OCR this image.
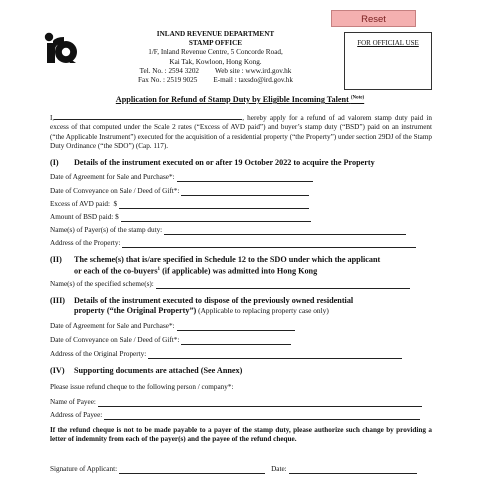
Reset
INLAND REVENUE DEPARTMENT
STAMP OFFICE
1/F, Inland Revenue Centre, 5 Concorde Road,
Kai Tak, Kowloon, Hong Kong.
Tel. No. : 2594 3202 Web site : www.ird.gov.hk
Fax No. : 2519 9025 E-mail : taxsdo@ird.gov.hk
FOR OFFICIAL USE
Application for Refund of Stamp Duty by Eligible Incoming Talent $^{(Note)}$
I,	, hereby apply for a refund of ad valorem stamp duty paid in excess of that computed under the Scale 2 rates (“Excess of AVD paid”) and buyer’s stamp duty (“BSD”) paid on an instrument (“the Applicable Instrument”) executed for the acquisition of a residential property (“the Property”) under section 29DJ of the Stamp Duty Ordinance (“the SDO”) (Cap. 117).
(I) Details of the instrument executed on or after 19 October 2022 to acquire the Property
Date of Agreement for Sale and Purchase*:
Date of Conveyance on Sale / Deed of Gift*:
Excess of AVD paid:  $
Amount of BSD paid: $
Name(s) of Payer(s) of the stamp duty:
Address of the Property:
(II) The scheme(s) that is/are specified in Schedule 12 to the SDO under which the applicant
or each of the co-buyers$^1$ (if applicable) was admitted into Hong Kong
Name(s) of the specified scheme(s):
(III) Details of the instrument executed to dispose of the previously owned residential
property (“the Original Property”) (Applicable to replacing property case only)
Date of Agreement for Sale and Purchase*:
Date of Conveyance on Sale / Deed of Gift*:
Address of the Original Property:
(IV) Supporting documents are attached (See Annex)
Please issue refund cheque to the following person / company*:
Name of Payee:
Address of Payee:
If the refund cheque is not to be made payable to a payer of the stamp duty, please authorize such change by providing a letter of indemnity from each of the payer(s) and the payee of the refund cheque.
Signature of Applicant:	Date:
